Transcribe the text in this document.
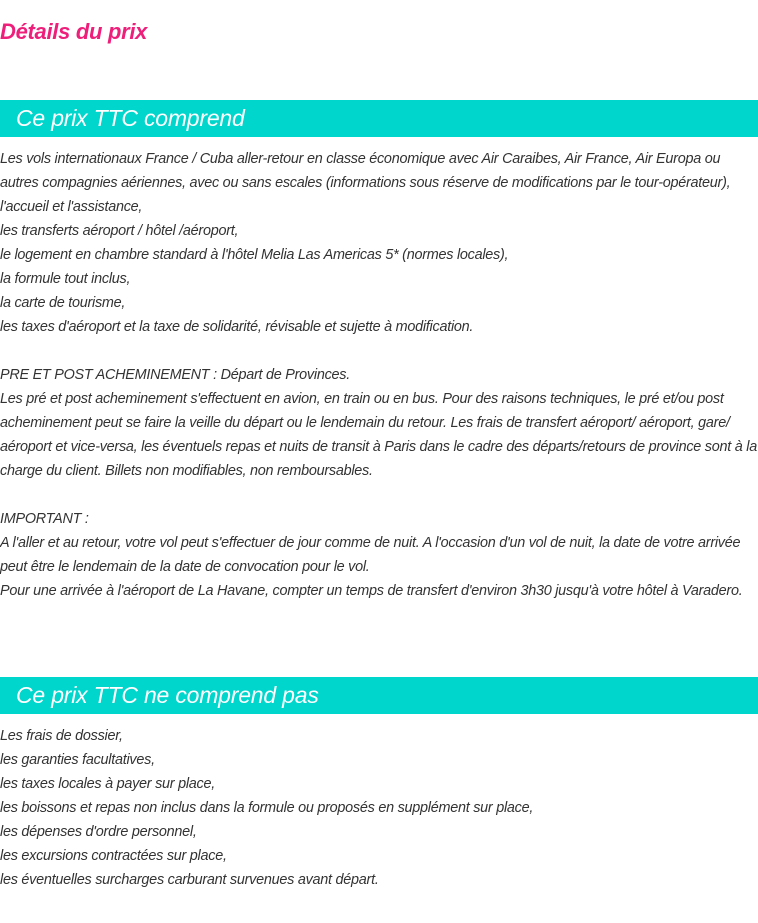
Détails du prix
Ce prix TTC comprend
Les vols internationaux France / Cuba aller-retour en classe économique avec Air Caraibes, Air France, Air Europa ou autres compagnies aériennes, avec ou sans escales (informations sous réserve de modifications par le tour-opérateur),
l'accueil et l'assistance,
les transferts aéroport / hôtel /aéroport,
le logement en chambre standard à l'hôtel Melia Las Americas 5* (normes locales),
la formule tout inclus,
la carte de tourisme,
les taxes d'aéroport et la taxe de solidarité, révisable et sujette à modification.
PRE ET POST ACHEMINEMENT : Départ de Provinces.
Les pré et post acheminement s'effectuent en avion, en train ou en bus. Pour des raisons techniques, le pré et/ou post acheminement peut se faire la veille du départ ou le lendemain du retour. Les frais de transfert aéroport/ aéroport, gare/ aéroport et vice-versa, les éventuels repas et nuits de transit à Paris dans le cadre des départs/retours de province sont à la charge du client. Billets non modifiables, non remboursables.
IMPORTANT :
A l'aller et au retour, votre vol peut s'effectuer de jour comme de nuit. A l'occasion d'un vol de nuit, la date de votre arrivée peut être le lendemain de la date de convocation pour le vol.
Pour une arrivée à l'aéroport de La Havane, compter un temps de transfert d'environ 3h30 jusqu'à votre hôtel à Varadero.
Ce prix TTC ne comprend pas
Les frais de dossier,
les garanties facultatives,
les taxes locales à payer sur place,
les boissons et repas non inclus dans la formule ou proposés en supplément sur place,
les dépenses d'ordre personnel,
les excursions contractées sur place,
les éventuelles surcharges carburant survenues avant départ.
